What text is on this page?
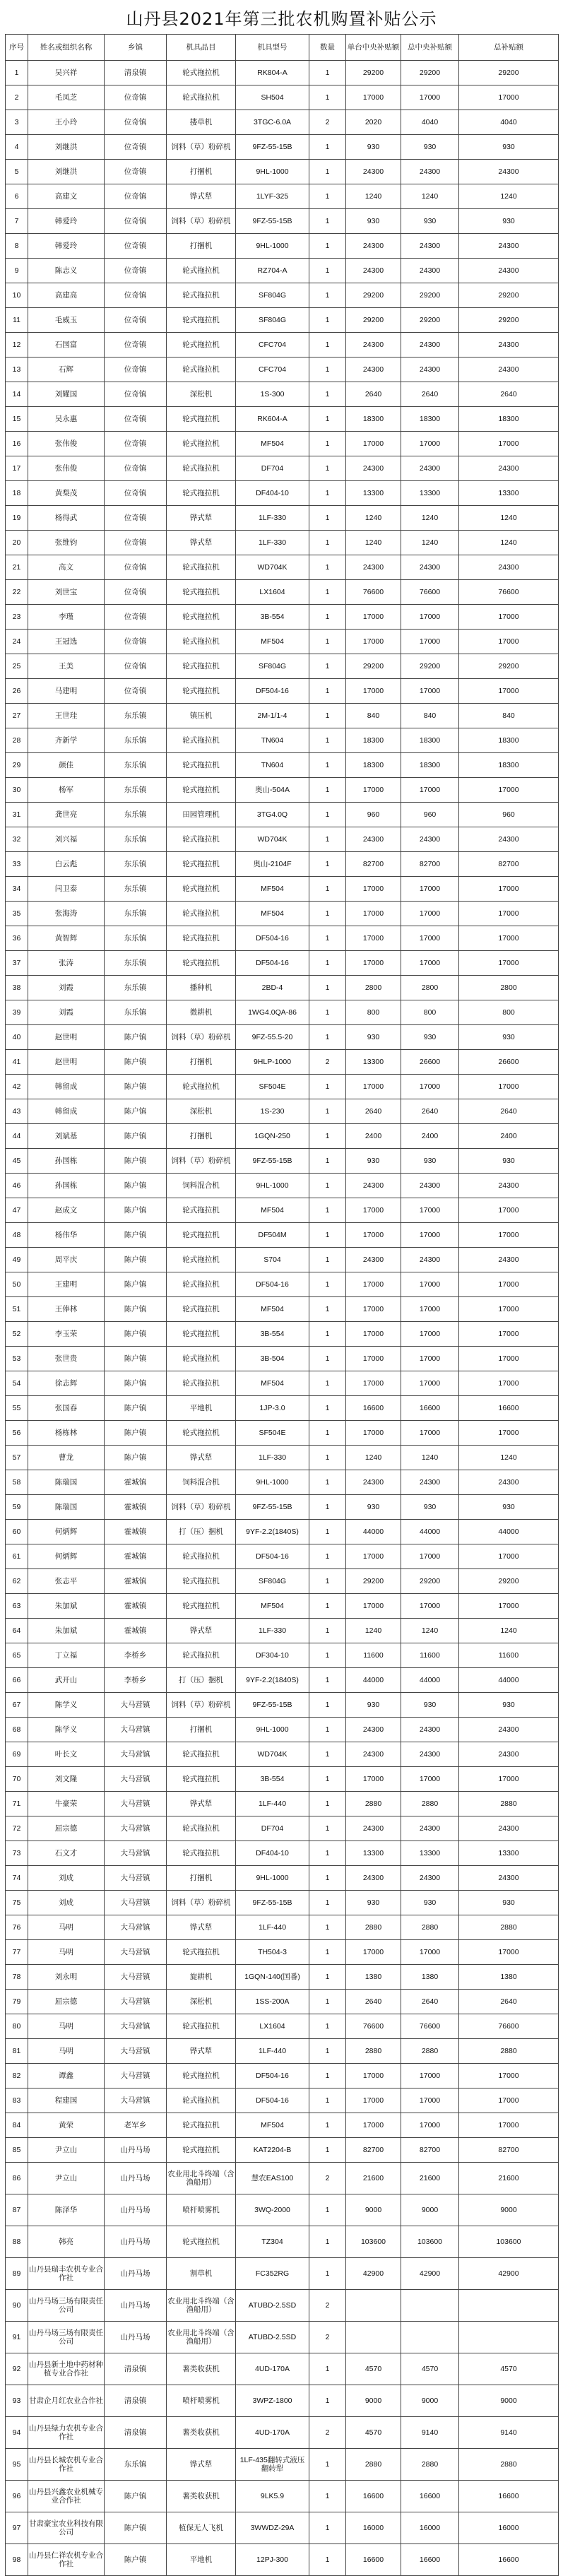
山丹县2021年第三批农机购置补贴公示
序号	姓名或组织名称	乡镇	机具品目	机具型号	数量	单台中央补贴额	总中央补贴额	总补贴额
1	吴兴祥	清泉镇	轮式拖拉机	RK804-A	1	29200	29200	29200
2	毛凤芝	位奇镇	轮式拖拉机	SH504	1	17000	17000	17000
3	王小玲	位奇镇	搂草机	3TGC-6.0A	2	2020	4040	4040
4	刘继洪	位奇镇	饲料（草）粉碎机	9FZ-55-15B	1	930	930	930
5	刘继洪	位奇镇	打捆机	9HL-1000	1	24300	24300	24300
6	高建文	位奇镇	铧式犁	1LYF-325	1	1240	1240	1240
7	韩爱玲	位奇镇	饲料（草）粉碎机	9FZ-55-15B	1	930	930	930
8	韩爱玲	位奇镇	打捆机	9HL-1000	1	24300	24300	24300
9	陈志义	位奇镇	轮式拖拉机	RZ704-A	1	24300	24300	24300
10	高建高	位奇镇	轮式拖拉机	SF804G	1	29200	29200	29200
11	毛威玉	位奇镇	轮式拖拉机	SF804G	1	29200	29200	29200
12	石国富	位奇镇	轮式拖拉机	CFC704	1	24300	24300	24300
13	石辉	位奇镇	轮式拖拉机	CFC704	1	24300	24300	24300
14	刘耀国	位奇镇	深松机	1S-300	1	2640	2640	2640
15	吴永惠	位奇镇	轮式拖拉机	RK604-A	1	18300	18300	18300
16	张伟俊	位奇镇	轮式拖拉机	MF504	1	17000	17000	17000
17	张伟俊	位奇镇	轮式拖拉机	DF704	1	24300	24300	24300
18	黄梨茂	位奇镇	轮式拖拉机	DF404-10	1	13300	13300	13300
19	杨得武	位奇镇	铧式犁	1LF-330	1	1240	1240	1240
20	张维钧	位奇镇	铧式犁	1LF-330	1	1240	1240	1240
21	高文	位奇镇	轮式拖拉机	WD704K	1	24300	24300	24300
22	刘世宝	位奇镇	轮式拖拉机	LX1604	1	76600	76600	76600
23	李瑾	位奇镇	轮式拖拉机	3B-554	1	17000	17000	17000
24	王冠选	位奇镇	轮式拖拉机	MF504	1	17000	17000	17000
25	王美	位奇镇	轮式拖拉机	SF804G	1	29200	29200	29200
26	马建明	位奇镇	轮式拖拉机	DF504-16	1	17000	17000	17000
27	王世珪	东乐镇	镇压机	2M-1/1-4	1	840	840	840
28	齐新学	东乐镇	轮式拖拉机	TN604	1	18300	18300	18300
29	颜佳	东乐镇	轮式拖拉机	TN604	1	18300	18300	18300
30	杨军	东乐镇	轮式拖拉机	奥山-504A	1	17000	17000	17000
31	龚世亮	东乐镇	田园管理机	3TG4.0Q	1	960	960	960
32	刘兴福	东乐镇	轮式拖拉机	WD704K	1	24300	24300	24300
33	白云彪	东乐镇	轮式拖拉机	奥山-2104F	1	82700	82700	82700
34	闫卫泰	东乐镇	轮式拖拉机	MF504	1	17000	17000	17000
35	张海涛	东乐镇	轮式拖拉机	MF504	1	17000	17000	17000
36	黄智辉	东乐镇	轮式拖拉机	DF504-16	1	17000	17000	17000
37	张涛	东乐镇	轮式拖拉机	DF504-16	1	17000	17000	17000
38	刘霞	东乐镇	播种机	2BD-4	1	2800	2800	2800
39	刘霞	东乐镇	微耕机	1WG4.0QA-86	1	800	800	800
40	赵世明	陈户镇	饲料（草）粉碎机	9FZ-55.5-20	1	930	930	930
41	赵世明	陈户镇	打捆机	9HLP-1000	2	13300	26600	26600
42	韩留成	陈户镇	轮式拖拉机	SF504E	1	17000	17000	17000
43	韩留成	陈户镇	深松机	1S-230	1	2640	2640	2640
44	刘斌基	陈户镇	打捆机	1GQN-250	1	2400	2400	2400
45	孙国栋	陈户镇	饲料（草）粉碎机	9FZ-55-15B	1	930	930	930
46	孙国栋	陈户镇	饲料混合机	9HL-1000	1	24300	24300	24300
47	赵成文	陈户镇	轮式拖拉机	MF504	1	17000	17000	17000
48	杨伟华	陈户镇	轮式拖拉机	DF504M	1	17000	17000	17000
49	周平庆	陈户镇	轮式拖拉机	S704	1	24300	24300	24300
50	王建明	陈户镇	轮式拖拉机	DF504-16	1	17000	17000	17000
51	王俸林	陈户镇	轮式拖拉机	MF504	1	17000	17000	17000
52	李玉荣	陈户镇	轮式拖拉机	3B-554	1	17000	17000	17000
53	张世贵	陈户镇	轮式拖拉机	3B-504	1	17000	17000	17000
54	徐志辉	陈户镇	轮式拖拉机	MF504	1	17000	17000	17000
55	张国春	陈户镇	平地机	1JP-3.0	1	16600	16600	16600
56	杨栋林	陈户镇	轮式拖拉机	SF504E	1	17000	17000	17000
57	曹龙	陈户镇	铧式犁	1LF-330	1	1240	1240	1240
58	陈瑞国	霍城镇	饲料混合机	9HL-1000	1	24300	24300	24300
59	陈瑞国	霍城镇	饲料（草）粉碎机	9FZ-55-15B	1	930	930	930
60	何炳辉	霍城镇	打（压）捆机	9YF-2.2(1840S)	1	44000	44000	44000
61	何炳辉	霍城镇	轮式拖拉机	DF504-16	1	17000	17000	17000
62	张志平	霍城镇	轮式拖拉机	SF804G	1	29200	29200	29200
63	朱加斌	霍城镇	轮式拖拉机	MF504	1	17000	17000	17000
64	朱加斌	霍城镇	铧式犁	1LF-330	1	1240	1240	1240
65	丁立福	李桥乡	轮式拖拉机	DF304-10	1	11600	11600	11600
66	武开山	李桥乡	打（压）捆机	9YF-2.2(1840S)	1	44000	44000	44000
67	陈学义	大马营镇	饲料（草）粉碎机	9FZ-55-15B	1	930	930	930
68	陈学义	大马营镇	打捆机	9HL-1000	1	24300	24300	24300
69	叶长文	大马营镇	轮式拖拉机	WD704K	1	24300	24300	24300
70	刘文隆	大马营镇	轮式拖拉机	3B-554	1	17000	17000	17000
71	牛豪荣	大马营镇	铧式犁	1LF-440	1	2880	2880	2880
72	屈宗德	大马营镇	轮式拖拉机	DF704	1	24300	24300	24300
73	石文才	大马营镇	轮式拖拉机	DF404-10	1	13300	13300	13300
74	刘成	大马营镇	打捆机	9HL-1000	1	24300	24300	24300
75	刘成	大马营镇	饲料（草）粉碎机	9FZ-55-15B	1	930	930	930
76	马明	大马营镇	铧式犁	1LF-440	1	2880	2880	2880
77	马明	大马营镇	轮式拖拉机	TH504-3	1	17000	17000	17000
78	刘永明	大马营镇	旋耕机	1GQN-140(国番)	1	1380	1380	1380
79	屈宗德	大马营镇	深松机	1SS-200A	1	2640	2640	2640
80	马明	大马营镇	轮式拖拉机	LX1604	1	76600	76600	76600
81	马明	大马营镇	铧式犁	1LF-440	1	2880	2880	2880
82	谭鑫	大马营镇	轮式拖拉机	DF504-16	1	17000	17000	17000
83	程建国	大马营镇	轮式拖拉机	DF504-16	1	17000	17000	17000
84	黄荣	老军乡	轮式拖拉机	MF504	1	17000	17000	17000
85	尹立山	山丹马场	轮式拖拉机	KAT2204-B	1	82700	82700	82700
86	尹立山	山丹马场	农业用北斗终端（含渔船用）	慧农EAS100	2	21600	21600	21600
87	陈泽华	山丹马场	喷杆喷雾机	3WQ-2000	1	9000	9000	9000
88	韩亮	山丹马场	轮式拖拉机	TZ304	1	103600	103600	103600
89	山丹县瑞丰农机专业合作社	山丹马场	割草机	FC352RG	1	42900	42900	42900
90	山丹马场三场有限责任公司	山丹马场	农业用北斗终端（含渔船用）	ATUBD-2.5SD	2			
91	山丹马场三场有限责任公司	山丹马场	农业用北斗终端（含渔船用）	ATUBD-2.5SD	2			
92	山丹县新土地中药材种植专业合作社	清泉镇	薯类收获机	4UD-170A	1	4570	4570	4570
93	甘肃企月红农业合作社	清泉镇	喷杆喷雾机	3WPZ-1800	1	9000	9000	9000
94	山丹县绿力农机专业合作社	清泉镇	薯类收获机	4UD-170A	2	4570	9140	9140
95	山丹县长城农机专业合作社	东乐镇	铧式犁	1LF-435翻转式液压翻转犁	1	2880	2880	2880
96	山丹县兴鑫农业机械专业合作社	陈户镇	薯类收获机	9LK5.9	1	16600	16600	16600
97	甘肃豪宝农业科技有限公司	陈户镇	植保无人飞机	3WWDZ-29A	1	16000	16000	16000
98	山丹县仁祥农机专业合作社	陈户镇	平地机	12PJ-300	1	16600	16600	16600
